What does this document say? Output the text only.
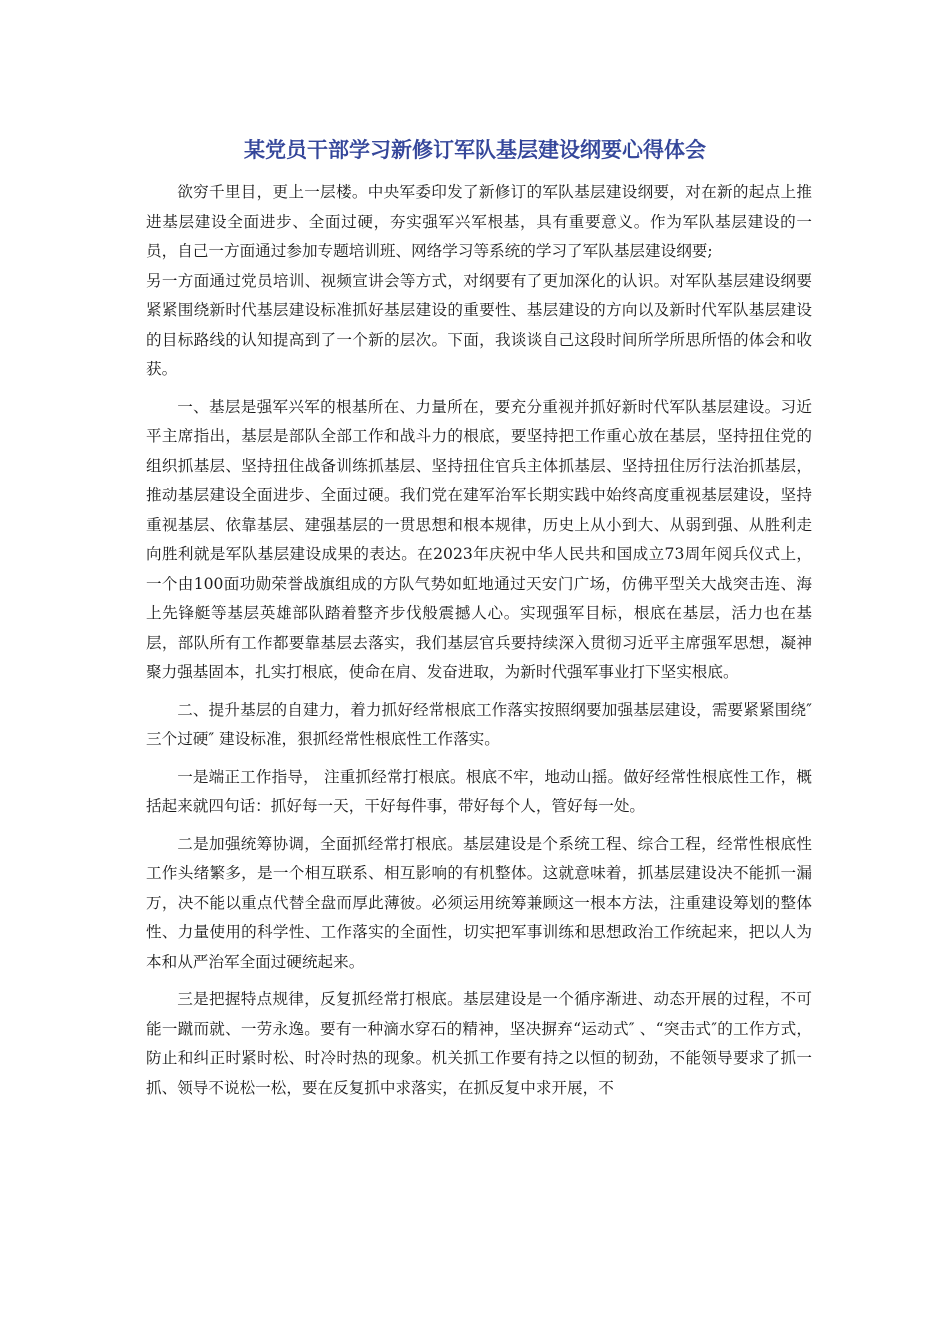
某党员干部学习新修订军队基层建设纲要心得体会

欲穷千里目，更上一层楼。中央军委印发了新修订的军队基层建设纲要，对在新的起点上推进基层建设全面进步、全面过硬，夯实强军兴军根基，具有重要意义。作为军队基层建设的一员，自己一方面通过参加专题培训班、网络学习等系统的学习了军队基层建设纲要;

另一方面通过党员培训、视频宣讲会等方式，对纲要有了更加深化的认识。对军队基层建设纲要紧紧围绕新时代基层建设标准抓好基层建设的重要性、基层建设的方向以及新时代军队基层建设的目标路线的认知提高到了一个新的层次。下面，我谈谈自己这段时间所学所思所悟的体会和收获。

一、基层是强军兴军的根基所在、力量所在，要充分重视并抓好新时代军队基层建设。习近平主席指出，基层是部队全部工作和战斗力的根底，要坚持把工作重心放在基层，坚持扭住党的组织抓基层、坚持扭住战备训练抓基层、坚持扭住官兵主体抓基层、坚持扭住厉行法治抓基层，推动基层建设全面进步、全面过硬。我们党在建军治军长期实践中始终高度重视基层建设，坚持重视基层、依靠基层、建强基层的一贯思想和根本规律，历史上从小到大、从弱到强、从胜利走向胜利就是军队基层建设成果的表达。在2023年庆祝中华人民共和国成立73周年阅兵仪式上，一个由100面功勋荣誉战旗组成的方队气势如虹地通过天安门广场，仿佛平型关大战突击连、海上先锋艇等基层英雄部队踏着整齐步伐般震撼人心。实现强军目标，根底在基层，活力也在基层，部队所有工作都要靠基层去落实，我们基层官兵要持续深入贯彻习近平主席强军思想，凝神聚力强基固本，扎实打根底，使命在肩、发奋进取，为新时代强军事业打下坚实根底。

二、提升基层的自建力，着力抓好经常根底工作落实按照纲要加强基层建设，需要紧紧围绕″三个过硬″ 建设标准，狠抓经常性根底性工作落实。

一是端正工作指导， 注重抓经常打根底。根底不牢，地动山摇。做好经常性根底性工作，概括起来就四句话：抓好每一天，干好每件事，带好每个人，管好每一处。

二是加强统筹协调，全面抓经常打根底。基层建设是个系统工程、综合工程，经常性根底性工作头绪繁多，是一个相互联系、相互影响的有机整体。这就意味着，抓基层建设决不能抓一漏万，决不能以重点代替全盘而厚此薄彼。必须运用统筹兼顾这一根本方法，注重建设筹划的整体性、力量使用的科学性、工作落实的全面性，切实把军事训练和思想政治工作统起来，把以人为本和从严治军全面过硬统起来。

三是把握特点规律，反复抓经常打根底。基层建设是一个循序渐进、动态开展的过程，不可能一蹴而就、一劳永逸。要有一种滴水穿石的精神，坚决摒弃“运动式″ 、“突击式″的工作方式，防止和纠正时紧时松、时冷时热的现象。机关抓工作要有持之以恒的韧劲，不能领导要求了抓一抓、领导不说松一松，要在反复抓中求落实，在抓反复中求开展，不
